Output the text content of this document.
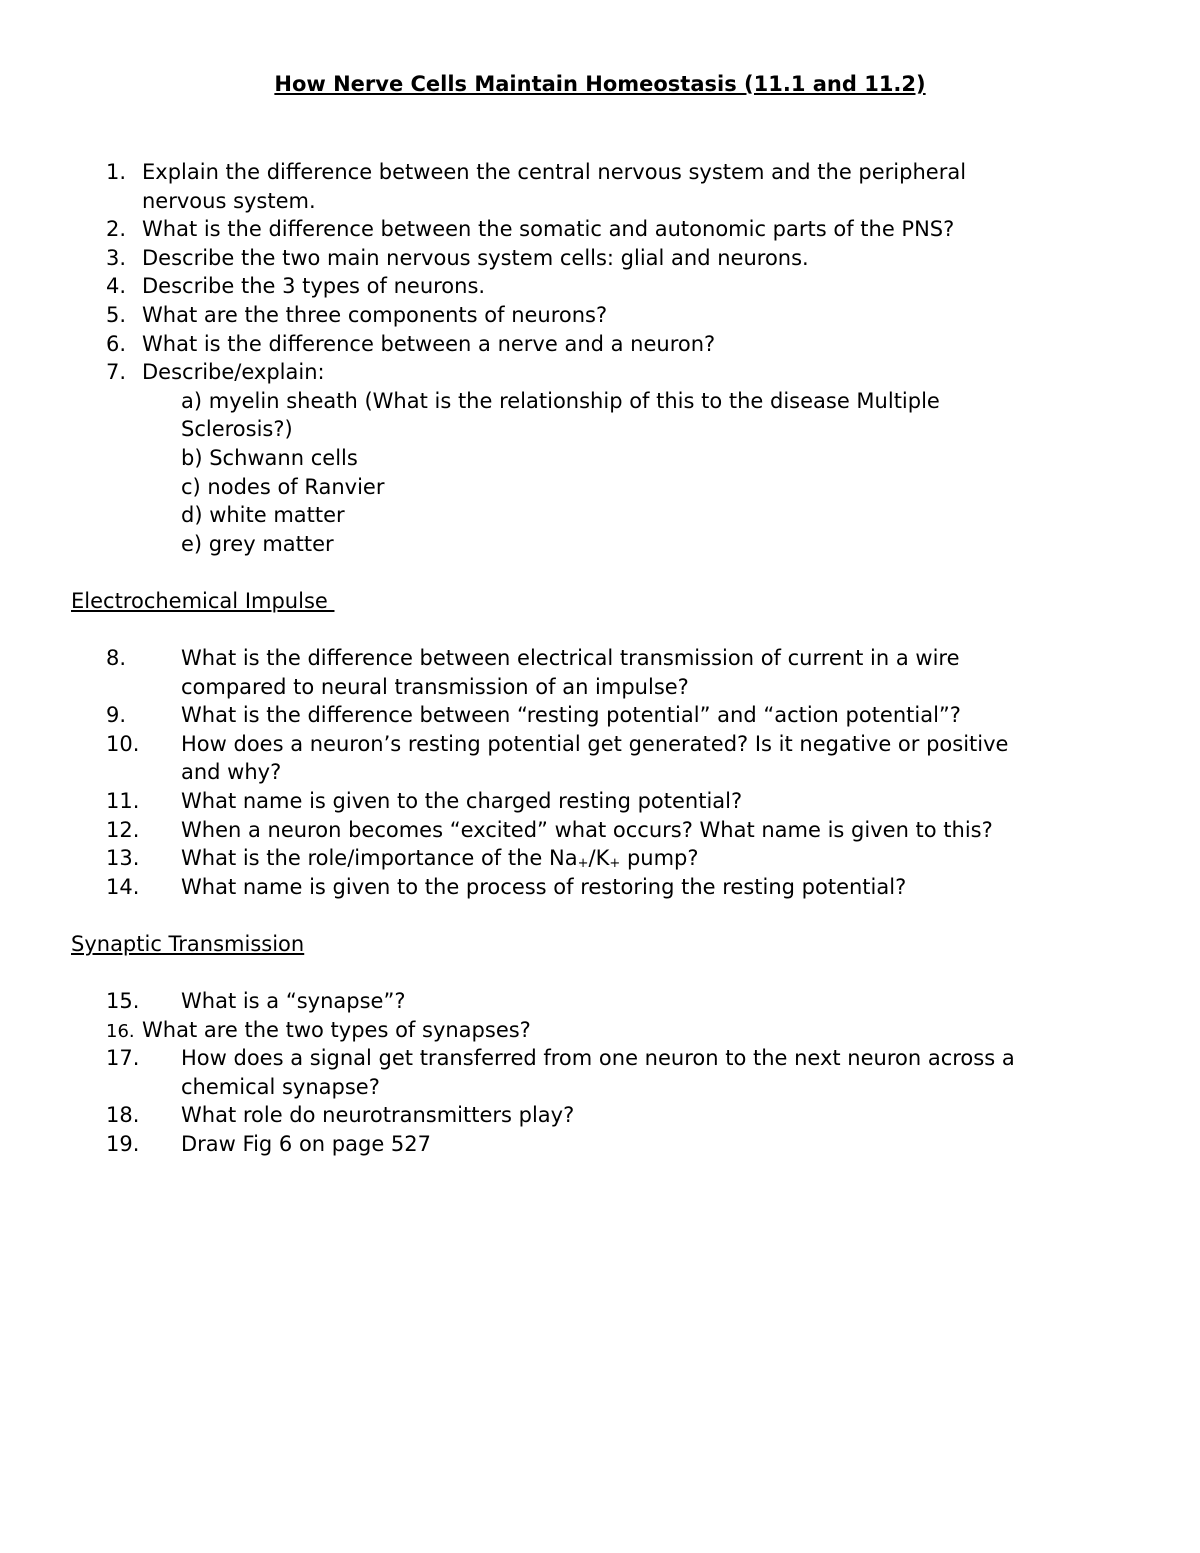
How Nerve Cells Maintain Homeostasis (11.1 and 11.2)
1. Explain the difference between the central nervous system and the peripheral
nervous system.
2. What is the difference between the somatic and autonomic parts of the PNS?
3. Describe the two main nervous system cells: glial and neurons.
4. Describe the 3 types of neurons.
5. What are the three components of neurons?
6. What is the difference between a nerve and a neuron?
7. Describe/explain:
a) myelin sheath (What is the relationship of this to the disease Multiple
Sclerosis?)
b) Schwann cells
c) nodes of Ranvier
d) white matter
e) grey matter
Electrochemical Impulse
8.	What is the difference between electrical transmission of current in a wire
compared to neural transmission of an impulse?
9.	What is the difference between “resting potential” and “action potential”?
10. How does a neuron’s resting potential get generated? Is it negative or positive
and why?
11. What name is given to the charged resting potential?
12. When a neuron becomes “excited” what occurs? What name is given to this?
13. What is the role/importance of the $Na_+/K_+$ pump?
14. What name is given to the process of restoring the resting potential?
Synaptic Transmission
15. What is a “synapse”?
16. What are the two types of synapses?
17. How does a signal get transferred from one neuron to the next neuron across a
chemical synapse?
18. What role do neurotransmitters play?
19. Draw Fig 6 on page 527
